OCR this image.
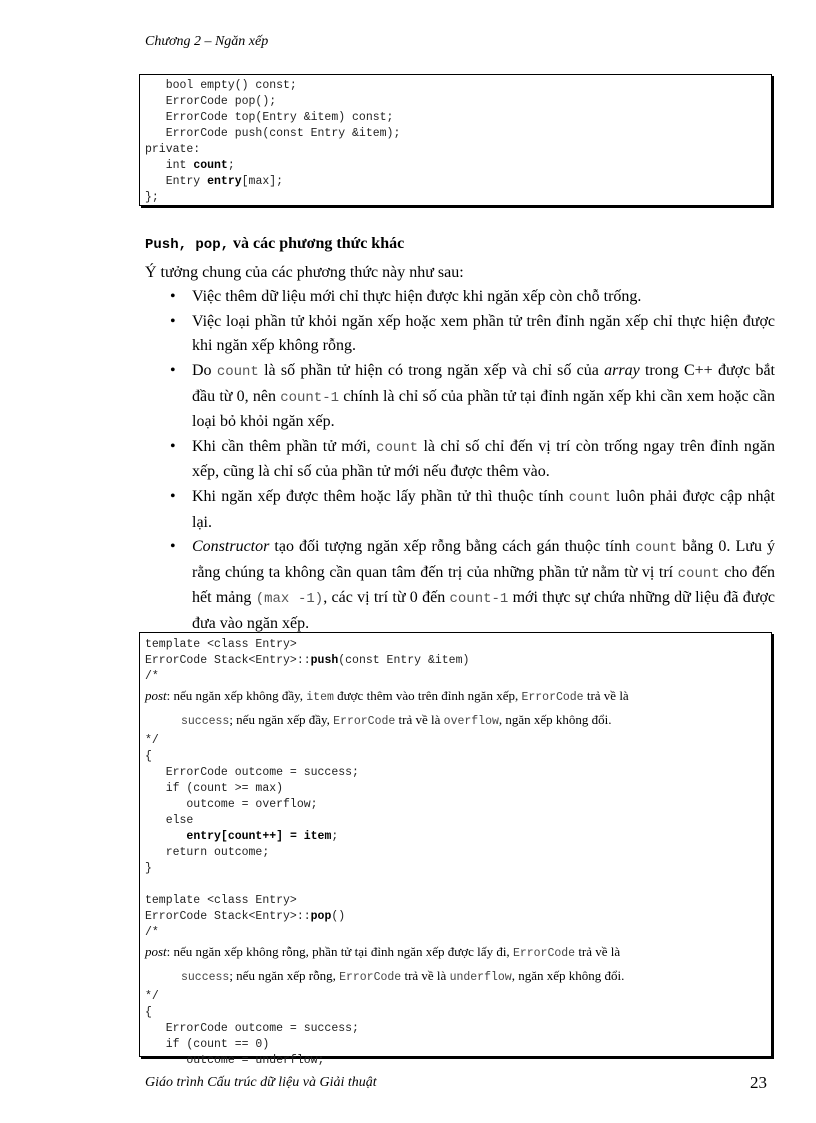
Chương 2 – Ngăn xếp
bool empty() const;
ErrorCode pop();
ErrorCode top(Entry &item) const;
ErrorCode push(const Entry &item);
private:
int count;
Entry entry[max];
};
Push, pop, và các phương thức khác
Ý tưởng chung của các phương thức này như sau:
• Việc thêm dữ liệu mới chỉ thực hiện được khi ngăn xếp còn chỗ trống.
• Việc loại phần tử khỏi ngăn xếp hoặc xem phần tử trên đỉnh ngăn xếp chỉ thực hiện được khi ngăn xếp không rỗng.
• Do count là số phần tử hiện có trong ngăn xếp và chỉ số của array trong C++ được bắt đầu từ 0, nên count-1 chính là chỉ số của phần tử tại đỉnh ngăn xếp khi cần xem hoặc cần loại bỏ khỏi ngăn xếp.
• Khi cần thêm phần tử mới, count là chỉ số chỉ đến vị trí còn trống ngay trên đỉnh ngăn xếp, cũng là chỉ số của phần tử mới nếu được thêm vào.
• Khi ngăn xếp được thêm hoặc lấy phần tử thì thuộc tính count luôn phải được cập nhật lại.
• Constructor tạo đối tượng ngăn xếp rỗng bằng cách gán thuộc tính count bằng 0. Lưu ý rằng chúng ta không cần quan tâm đến trị của những phần tử nằm từ vị trí count cho đến hết mảng (max -1), các vị trí từ 0 đến count-1 mới thực sự chứa những dữ liệu đã được đưa vào ngăn xếp.
template <class Entry>
ErrorCode Stack<Entry>::push(const Entry &item)
/*

post: nếu ngăn xếp không đầy, item được thêm vào trên đỉnh ngăn xếp, ErrorCode trả về là
success; nếu ngăn xếp đầy, ErrorCode trả về là overflow, ngăn xếp không đổi.
*/
{
ErrorCode outcome = success;
if (count >= max)
outcome = overflow;
else
entry[count++] = item;
return outcome;
}

template <class Entry>
ErrorCode Stack<Entry>::pop()
/*

post: nếu ngăn xếp không rỗng, phần tử tại đỉnh ngăn xếp được lấy đi, ErrorCode trả về là
success; nếu ngăn xếp rỗng, ErrorCode trả về là underflow, ngăn xếp không đổi.
*/
{
ErrorCode outcome = success;
if (count == 0)
outcome = underflow;
Giáo trình Cấu trúc dữ liệu và Giải thuật	23
